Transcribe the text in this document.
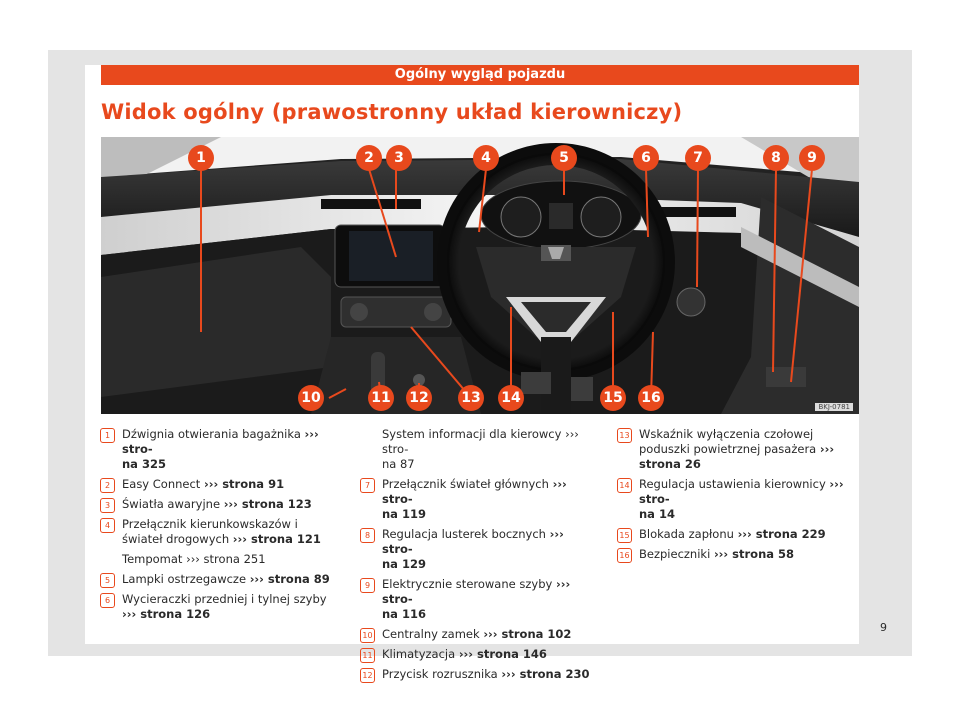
Ogólny wygląd pojazdu
Widok ogólny (prawostronny układ kierowniczy)
1	2	3	4	5	6	7	8	9
10	11 12 13 14	15 16
BKJ-0781
1	Dźwignia otwierania bagażnika ››› stro-
na 325
2	Easy Connect ››› strona 91
3	Światła awaryjne ››› strona 123
4	Przełącznik kierunkowskazów i świateł drogowych ››› strona 121
Tempomat ››› strona 251
5	Lampki ostrzegawcze ››› strona 89
6	Wycieraczki przedniej i tylnej szyby ››› strona 126
System informacji dla kierowcy ››› stro-
na 87
7	Przełącznik świateł głównych ››› stro-
na 119
8	Regulacja lusterek bocznych ››› stro-
na 129
9	Elektrycznie sterowane szyby ››› stro-
na 116
10 Centralny zamek ››› strona 102
11 Klimatyzacja ››› strona 146
12 Przycisk rozrusznika ››› strona 230
13 Wskaźnik wyłączenia czołowej poduszki powietrznej pasażera ››› strona 26
14 Regulacja ustawienia kierownicy ››› stro-
na 14
15 Blokada zapłonu ››› strona 229
16 Bezpieczniki ››› strona 58
9
